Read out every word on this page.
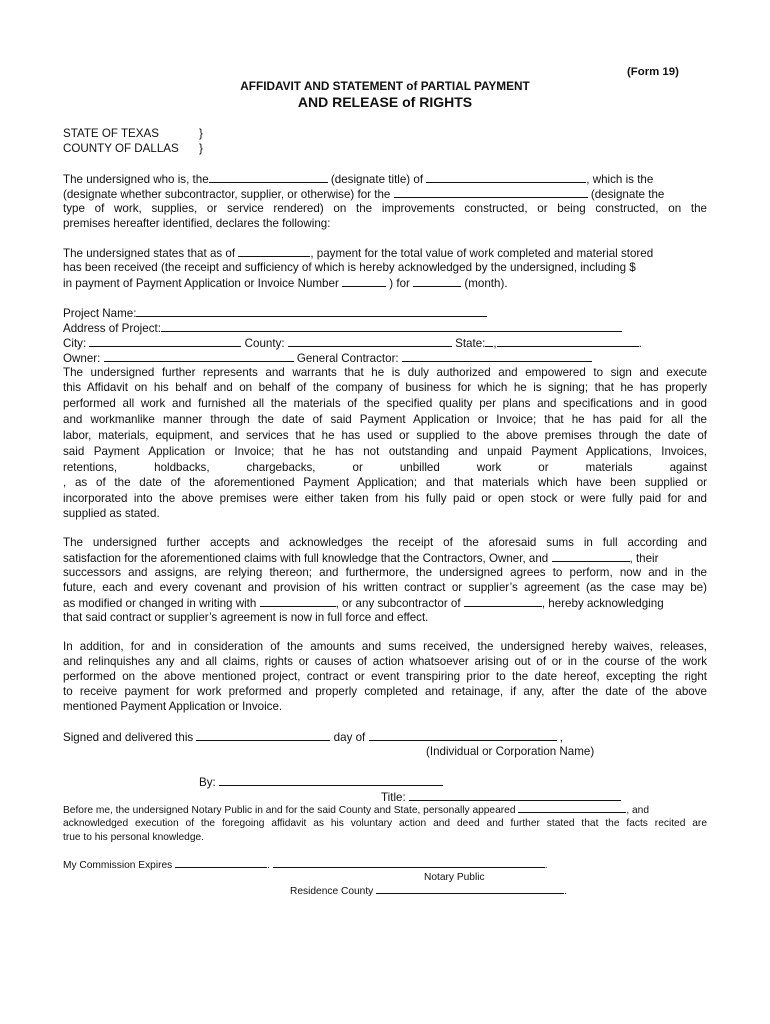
(Form 19)
AFFIDAVIT AND STATEMENT of PARTIAL PAYMENT
AND RELEASE of RIGHTS
STATE OF TEXAS	}
COUNTY OF DALLAS }
The undersigned who is, the	(designate title) of	, which is the
(designate whether subcontractor, supplier, or otherwise) for the	(designate the
type of work, supplies, or service rendered) on the improvements constructed, or being constructed, on the
premises hereafter identified, declares the following:
The undersigned states that as of	, payment for the total value of work completed and material stored
has been received (the receipt and sufficiency of which is hereby acknowledged by the undersigned, including $
in payment of Payment Application or Invoice Number	) for	(month).
Project Name:
Address of Project:
City:	County:	State: ,	.
Owner:	General Contractor:
The undersigned further represents and warrants that he is duly authorized and empowered to sign and execute
this Affidavit on his behalf and on behalf of the company of business for which he is signing; that he has properly
performed all work and furnished all the materials of the specified quality per plans and specifications and in good
and workmanlike manner through the date of said Payment Application or Invoice; that he has paid for all the
labor, materials, equipment, and services that he has used or supplied to the above premises through the date of
said Payment Application or Invoice; that he has not outstanding and unpaid Payment Applications, Invoices,
retentions, holdbacks, chargebacks, or unbilled work or materials against
, as of the date of the aforementioned Payment Application; and that materials which have been supplied or
incorporated into the above premises were either taken from his fully paid or open stock or were fully paid for and
supplied as stated.
The undersigned further accepts and acknowledges the receipt of the aforesaid sums in full according and
satisfaction for the aforementioned claims with full knowledge that the Contractors, Owner, and	, their
successors and assigns, are relying thereon; and furthermore, the undersigned agrees to perform, now and in the
future, each and every covenant and provision of his written contract or supplier’s agreement (as the case may be)
as modified or changed in writing with	, or any subcontractor of	, hereby acknowledging
that said contract or supplier’s agreement is now in full force and effect.
In addition, for and in consideration of the amounts and sums received, the undersigned hereby waives, releases,
and relinquishes any and all claims, rights or causes of action whatsoever arising out of or in the course of the work
performed on the above mentioned project, contract or event transpiring prior to the date hereof, excepting the right
to receive payment for work preformed and properly completed and retainage, if any, after the date of the above
mentioned Payment Application or Invoice.
Signed and delivered this	day of	,
(Individual or Corporation Name)
By:
Title:
Before me, the undersigned Notary Public in and for the said County and State, personally appeared	, and
acknowledged execution of the foregoing affidavit as his voluntary action and deed and further stated that the facts recited are
true to his personal knowledge.
My Commission Expires	.	.
Notary Public
Residence County	.
